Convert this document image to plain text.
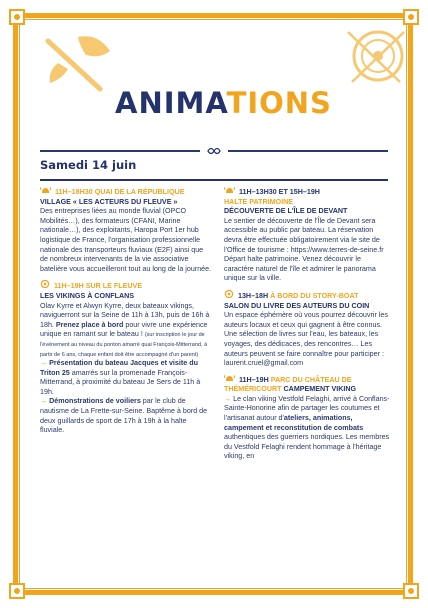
ANIMATIONS
Samedi 14 juin

11H–18H30 QUAI DE LA RÉPUBLIQUE

VILLAGE « LES ACTEURS DU FLEUVE »

Des entreprises liées au monde fluvial (OPCO Mobilités…), des formateurs (CFANI, Marine nationale…), des exploitants, Haropa Port 1er hub logistique de France, l'organisation professionnelle nationale des transporteurs fluviaux (E2F) ainsi que de nombreux intervenants de la vie associative batelière vous accueilleront tout au long de la journée.

11H–19H SUR LE FLEUVE

LES VIKINGS À CONFLANS

Olav Kyrre et Alwyn Kyrre, deux bateaux vikings, naviguerront sur la Seine de 11h à 13h, puis de 16h à 18h. Prenez place à bord pour vivre une expérience unique en ramant sur le bateau ! (sur inscription le jour de l'événement au niveau du ponton amarré quai François-Mitterrand, à partir de 6 ans, chaque enfant doit être accompagné d'un parent)

→ Présentation du bateau Jacques et visite du Triton 25 amarrés sur la promenade François-Mitterrand, à proximité du bateau Je Sers de 11h à 19h.

→ Démonstrations de voiliers par le club de nautisme de La Frette-sur-Seine. Baptême à bord de deux guillards de sport de 17h à 19h à la halte fluviale.

11H–13H30 ET 15H–19H

HALTE PATRIMOINE

DÉCOUVERTE DE L'ÎLE DE DEVANT

Le sentier de découverte de l'Île de Devant sera accessible au public par bateau. La réservation devra être effectuée obligatoirement via le site de l'Office de tourisme : https://www.terres-de-seine.fr Départ halte patrimoine. Venez découvrir le caractère naturel de l'île et admirer le panorama unique sur la ville.

13H–18H À BORD DU STORY-BOAT

SALON DU LIVRE DES AUTEURS DU COIN

Un espace éphémère où vous pourrez découvrir les auteurs locaux et ceux qui gagnent à être connus. Une sélection de livres sur l'eau, les bateaux, les voyages, des dédicaces, des rencontres… Les auteurs peuvent se faire connaître pour participer : laurent.cruel@gmail.com

11H–19H PARC DU CHÂTEAU DE THÉMÉRICOURT CAMPEMENT VIKING

→ Le clan viking Vestfold Felaghi, arrivé à Conflans-Sainte-Honorine afin de partager les coutumes et l'artisanat autour d'ateliers, animations, campement et reconstitution de combats authentiques des guerriers nordiques. Les membres du Vestfold Felaghi rendent hommage à l'héritage viking, en
